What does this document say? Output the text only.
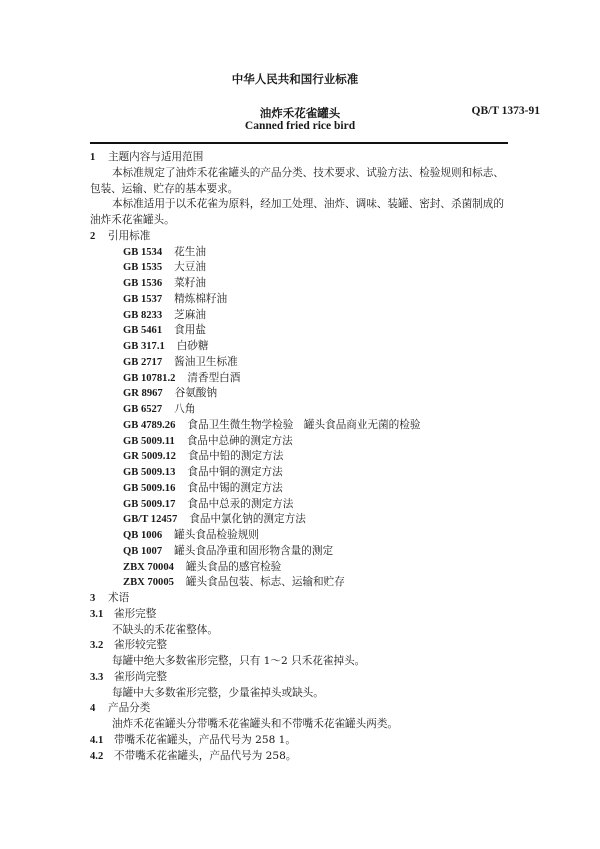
中华人民共和国行业标准
油炸禾花雀罐头	QB/T 1373-91
Canned fried rice bird
1 主题内容与适用范围
本标准规定了油炸禾花雀罐头的产品分类、技术要求、试验方法、检验规则和标志、
包装、运输、贮存的基本要求。
本标准适用于以禾花雀为原料，经加工处理、油炸、调味、装罐、密封、杀菌制成的
油炸禾花雀罐头。
2 引用标准
GB 1534 花生油
GB 1535 大豆油
GB 1536 菜籽油
GB 1537 精炼棉籽油
GB 8233 芝麻油
GB 5461 食用盐
GB 317.1 白砂糖
GB 2717 酱油卫生标准
GB 10781.2 清香型白酒
GR 8967 谷氨酸钠
GB 6527 八角
GB 4789.26 食品卫生微生物学检验　罐头食品商业无菌的检验
GB 5009.11 食品中总砷的测定方法
GR 5009.12 食品中铅的测定方法
GB 5009.13 食品中铜的测定方法
GB 5009.16 食品中锡的测定方法
GB 5009.17 食品中总汞的测定方法
GB/T 12457 食品中氯化钠的测定方法
QB 1006 罐头食品检验规则
QB 1007 罐头食品净重和固形物含量的测定
ZBX 70004 罐头食品的感官检验
ZBX 70005 罐头食品包装、标志、运输和贮存
3 术语
3.1 雀形完整
不缺头的禾花雀整体。
3.2 雀形较完整
每罐中绝大多数雀形完整，只有 1～2 只禾花雀掉头。
3.3 雀形尚完整
每罐中大多数雀形完整，少量雀掉头或缺头。
4 产品分类
油炸禾花雀罐头分带嘴禾花雀罐头和不带嘴禾花雀罐头两类。
4.1 带嘴禾花雀罐头，产品代号为 258 1。
4.2 不带嘴禾花雀罐头，产品代号为 258。
